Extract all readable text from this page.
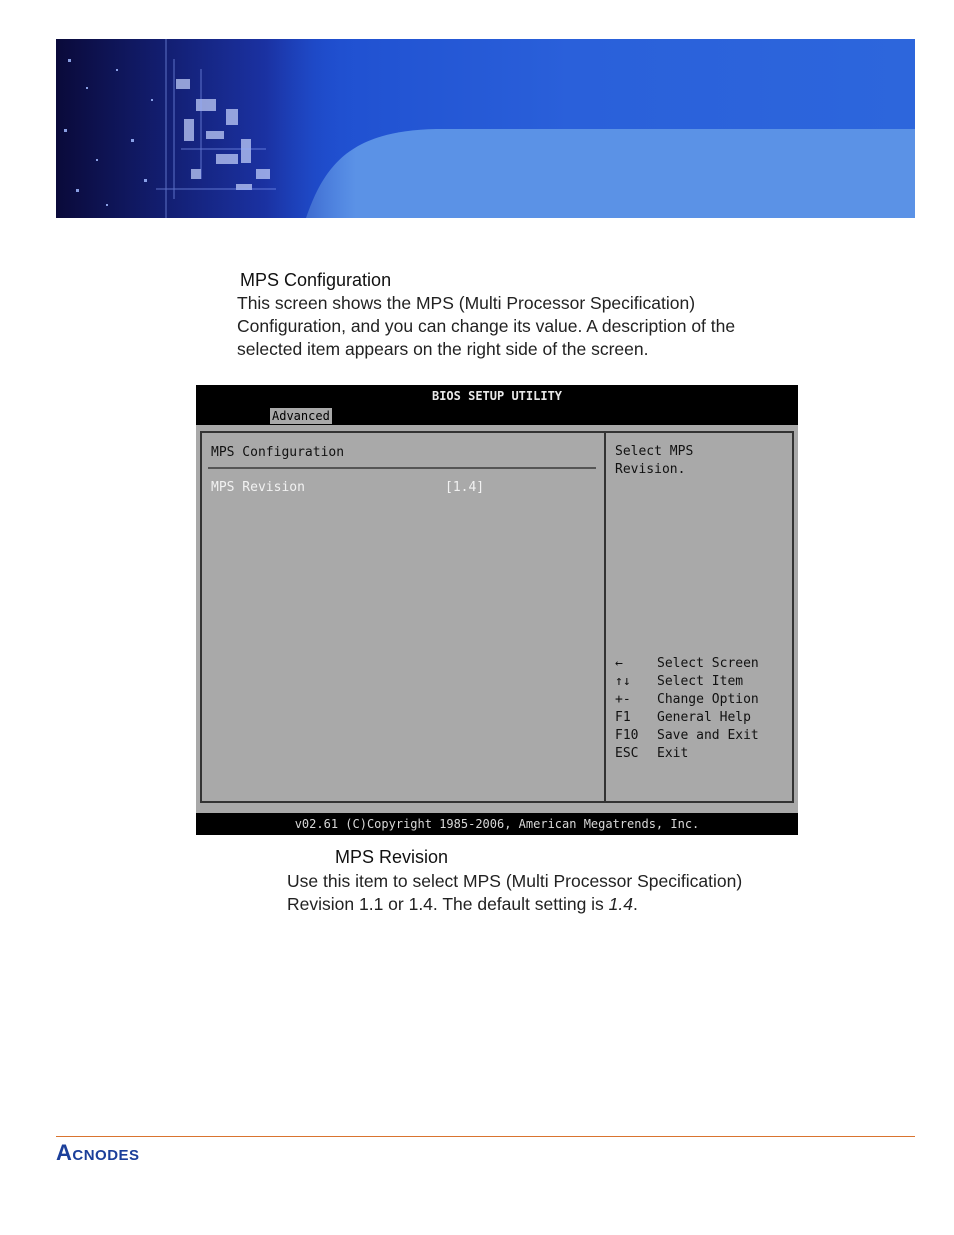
MPS Configuration

This screen shows the MPS (Multi Processor Specification)

Configuration, and you can change its value. A description of the

selected item appears on the right side of the screen.

BIOS SETUP UTILITY
Advanced
MPS Configuration
MPS Revision	[1.4]
Select MPS
Revision.
←	Select Screen
↑↓	Select Item
+-	Change Option
F1	General Help
F10	Save and Exit
ESC	Exit
v02.61 (C)Copyright 1985-2006, American Megatrends, Inc.
MPS Revision

Use this item to select MPS (Multi Processor Specification)

Revision 1.1 or 1.4. The default setting is 1.4.

Acnodes
